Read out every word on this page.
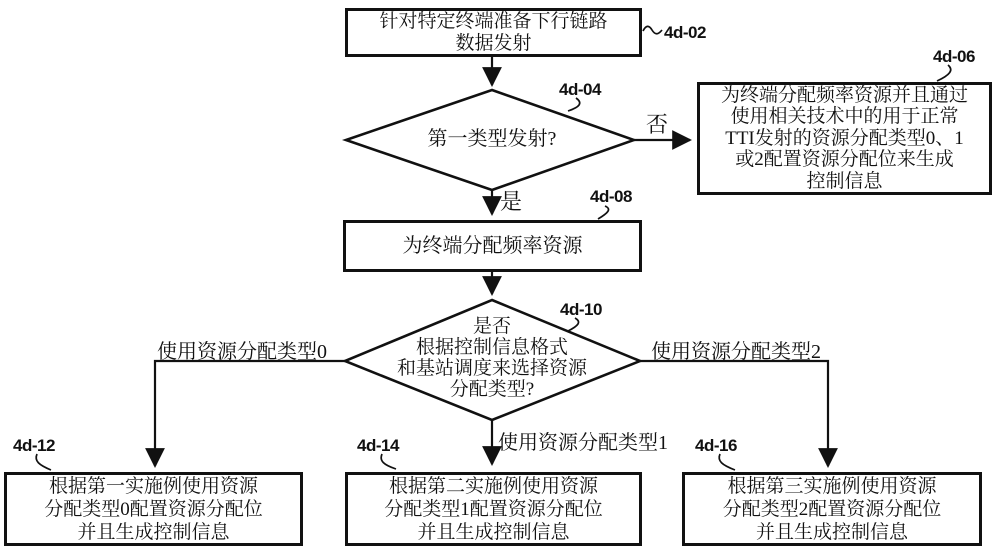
针对特定终端准备下行链路
数据发射
为终端分配频率资源并且通过
使用相关技术中的用于正常
TTI发射的资源分配类型0、1
或2配置资源分配位来生成
控制信息
为终端分配频率资源
根据第一实施例使用资源
分配类型0配置资源分配位
并且生成控制信息
根据第二实施例使用资源
分配类型1配置资源分配位
并且生成控制信息
根据第三实施例使用资源
分配类型2配置资源分配位
并且生成控制信息
第一类型发射?
是否
根据控制信息格式
和基站调度来选择资源
分配类型?
4d-02
4d-04
4d-06
4d-08
4d-10
4d-12	4d-14	4d-16
否
是
使用资源分配类型0
使用资源分配类型1
使用资源分配类型2
